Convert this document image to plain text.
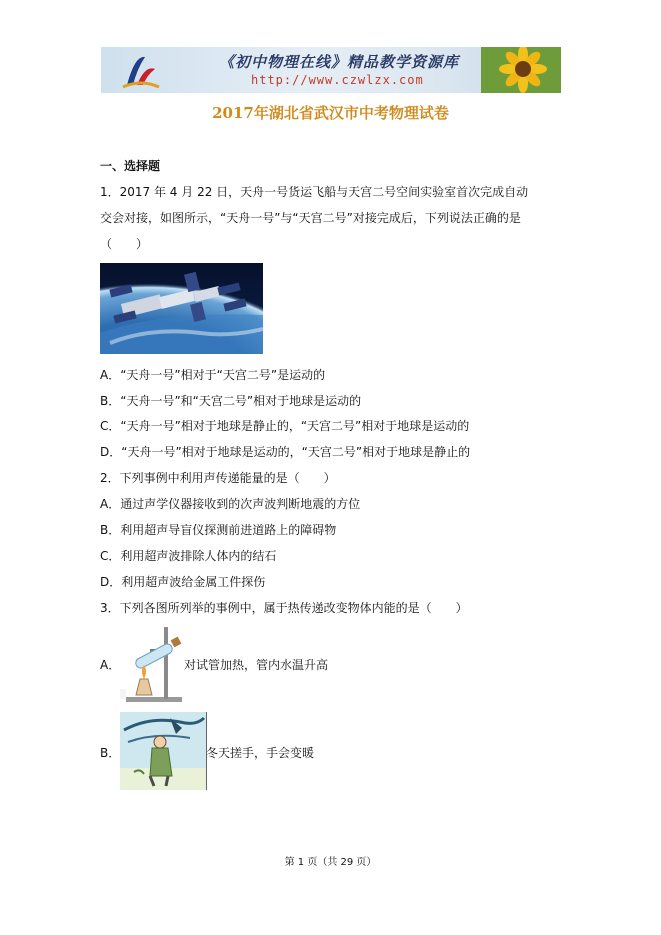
《初中物理在线》精品教学资源库
http://www.czwlzx.com
2017年湖北省武汉市中考物理试卷
一、选择题
1．2017 年 4 月 22 日，天舟一号货运飞船与天宫二号空间实验室首次完成自动
交会对接，如图所示，“天舟一号”与“天宫二号”对接完成后，下列说法正确的是
（　　）
A．“天舟一号”相对于“天宫二号”是运动的
B．“天舟一号”和“天宫二号”相对于地球是运动的
C．“天舟一号”相对于地球是静止的，“天宫二号”相对于地球是运动的
D．“天舟一号”相对于地球是运动的，“天宫二号”相对于地球是静止的
2．下列事例中利用声传递能量的是（　　）
A．通过声学仪器接收到的次声波判断地震的方位
B．利用超声导盲仪探测前进道路上的障碍物
C．利用超声波排除人体内的结石
D．利用超声波给金属工件探伤
3．下列各图所列举的事例中，属于热传递改变物体内能的是（　　）
A．	对试管加热，管内水温升高
B．	冬天搓手，手会变暖
第 1 页（共 29 页）
